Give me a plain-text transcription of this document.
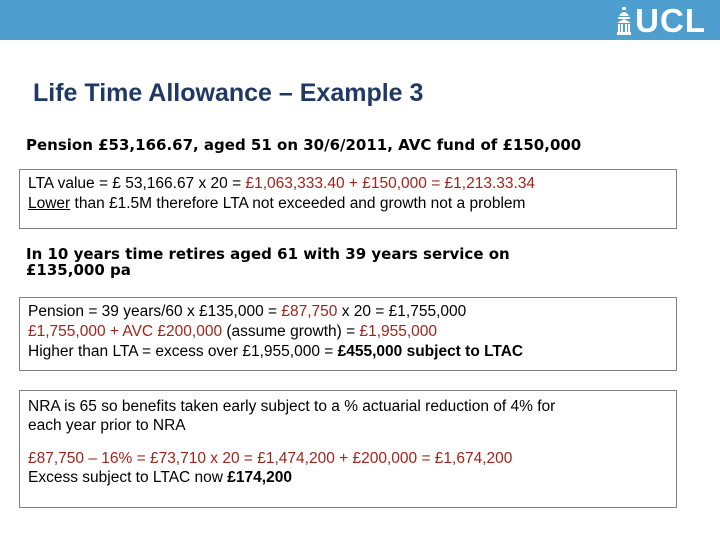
UCL
Life Time Allowance – Example 3

Pension £53,166.67, aged 51 on 30/6/2011, AVC fund of £150,000

LTA value = £ 53,166.67 x 20 = £1,063,333.40 + £150,000 = £1,213.33.34
Lower than £1.5M therefore LTA not exceeded and growth not a problem
In 10 years time retires aged 61 with 39 years service on
£135,000 pa
Pension = 39 years/60 x £135,000 = £87,750 x 20 = £1,755,000
£1,755,000 + AVC £200,000 (assume growth) = £1,955,000
Higher than LTA = excess over £1,955,000 = £455,000 subject to LTAC
NRA is 65 so benefits taken early subject to a % actuarial reduction of 4% for
each year prior to NRA
£87,750 – 16% = £73,710 x 20 = £1,474,200 + £200,000 = £1,674,200
Excess subject to LTAC now £174,200
